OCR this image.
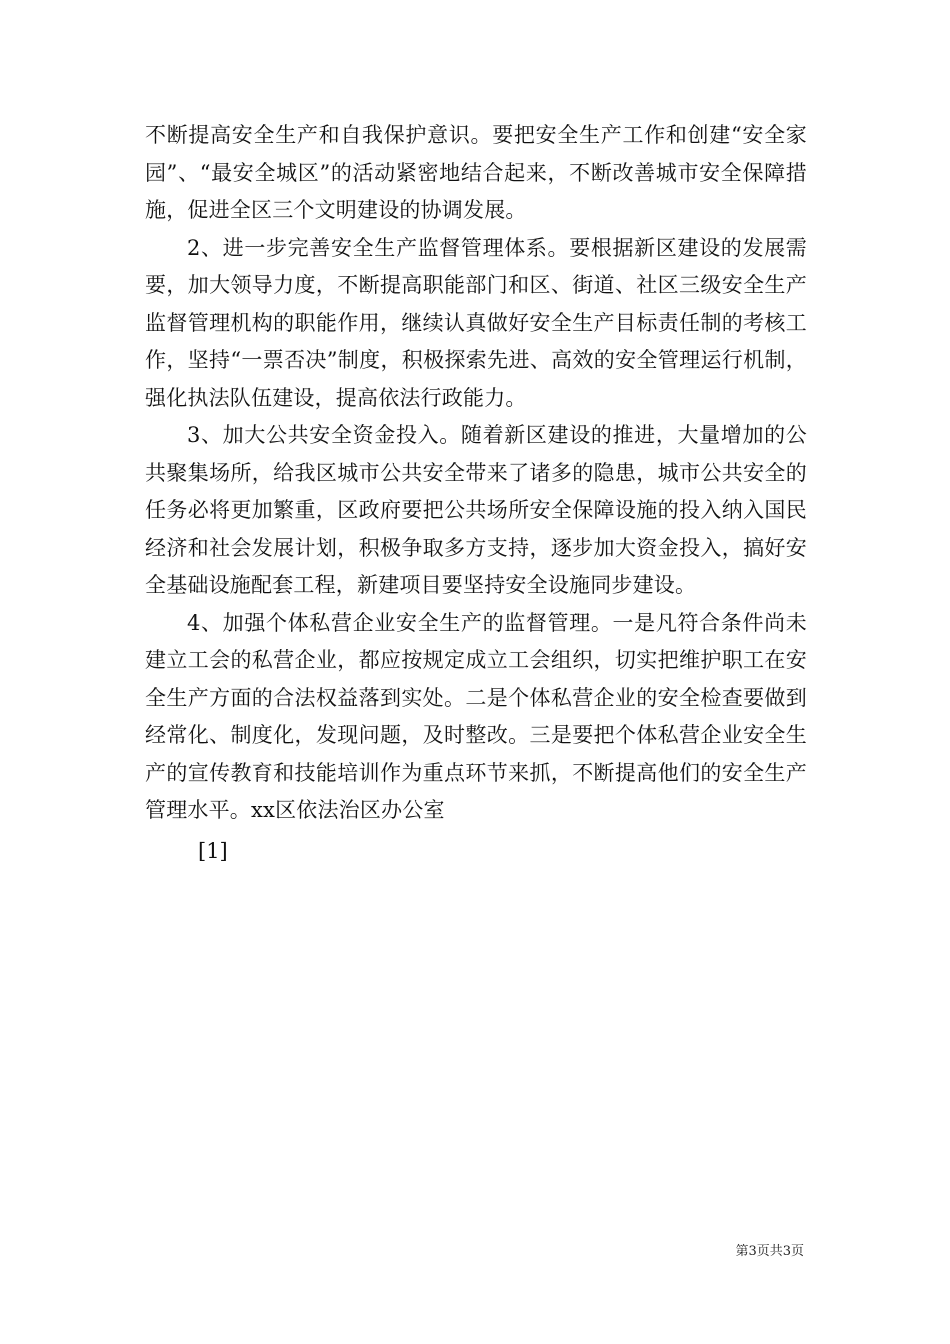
不断提高安全生产和自我保护意识。要把安全生产工作和创建“安全家园”、“最安全城区”的活动紧密地结合起来，不断改善城市安全保障措施，促进全区三个文明建设的协调发展。

2、进一步完善安全生产监督管理体系。要根据新区建设的发展需要，加大领导力度，不断提高职能部门和区、街道、社区三级安全生产监督管理机构的职能作用，继续认真做好安全生产目标责任制的考核工作，坚持“一票否决”制度，积极探索先进、高效的安全管理运行机制，强化执法队伍建设，提高依法行政能力。

3、加大公共安全资金投入。随着新区建设的推进，大量增加的公共聚集场所，给我区城市公共安全带来了诸多的隐患，城市公共安全的任务必将更加繁重，区政府要把公共场所安全保障设施的投入纳入国民经济和社会发展计划，积极争取多方支持，逐步加大资金投入，搞好安全基础设施配套工程，新建项目要坚持安全设施同步建设。

4、加强个体私营企业安全生产的监督管理。一是凡符合条件尚未建立工会的私营企业，都应按规定成立工会组织，切实把维护职工在安全生产方面的合法权益落到实处。二是个体私营企业的安全检查要做到经常化、制度化，发现问题，及时整改。三是要把个体私营企业安全生产的宣传教育和技能培训作为重点环节来抓，不断提高他们的安全生产管理水平。xx区依法治区办公室

[1]
第3页共3页
